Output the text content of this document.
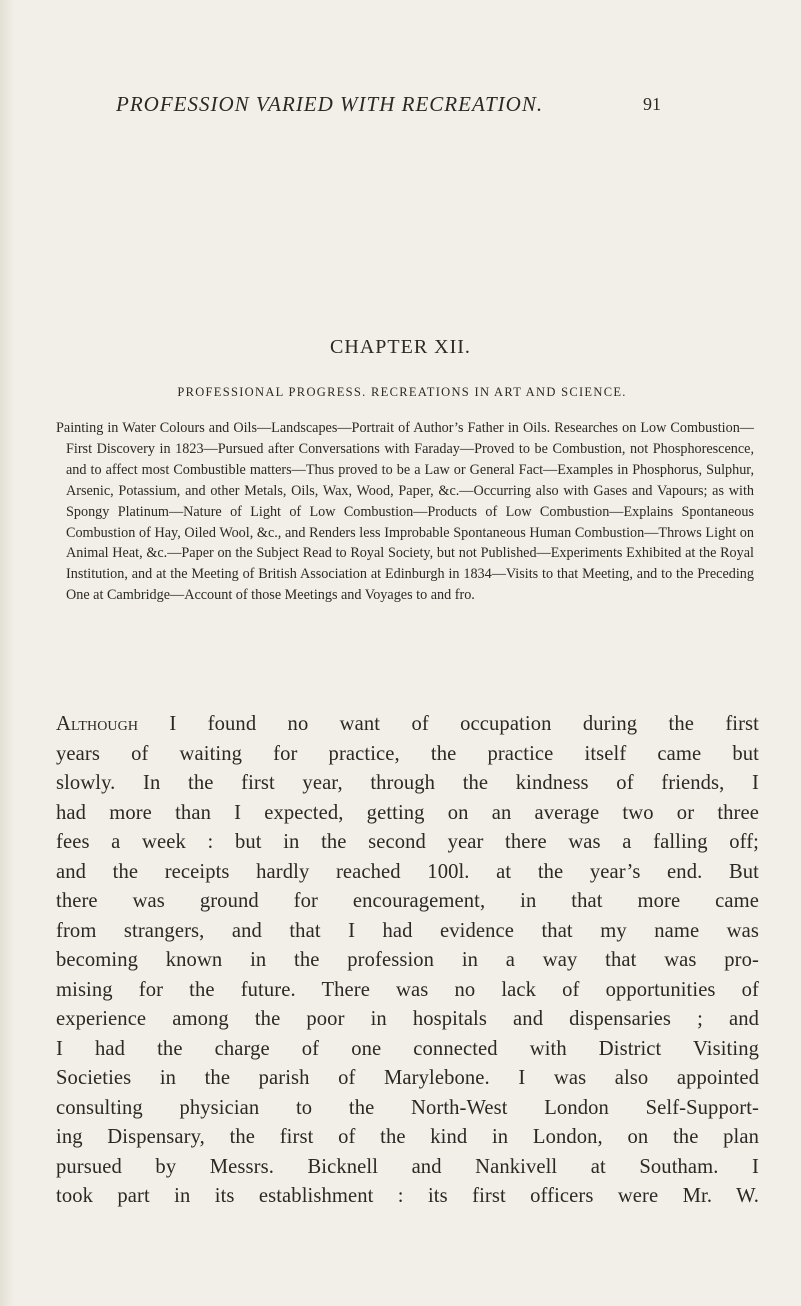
PROFESSION VARIED WITH RECREATION.	91
CHAPTER XII.
PROFESSIONAL PROGRESS. RECREATIONS IN ART AND SCIENCE.
Painting in Water Colours and Oils—Landscapes—Portrait of Author’s Father in Oils. Researches on Low Combustion—First Discovery in 1823—Pursued after Conversations with Faraday—Proved to be Combustion, not Phosphorescence, and to affect most Combustible matters—Thus proved to be a Law or General Fact—Examples in Phosphorus, Sulphur, Arsenic, Potassium, and other Metals, Oils, Wax, Wood, Paper, &c.—Occurring also with Gases and Vapours; as with Spongy Platinum—Nature of Light of Low Combustion—Products of Low Combustion—Explains Spontaneous Combustion of Hay, Oiled Wool, &c., and Renders less Improbable Spontaneous Human Combustion—Throws Light on Animal Heat, &c.—Paper on the Subject Read to Royal Society, but not Published—Experiments Exhibited at the Royal Institution, and at the Meeting of British Association at Edinburgh in 1834—Visits to that Meeting, and to the Preceding One at Cambridge—Account of those Meetings and Voyages to and fro.
Although I found no want of occupation during the first
years of waiting for practice, the practice itself came but
slowly. In the first year, through the kindness of friends, I
had more than I expected, getting on an average two or three
fees a week : but in the second year there was a falling off;
and the receipts hardly reached 100l. at the year’s end. But
there was ground for encouragement, in that more came
from strangers, and that I had evidence that my name was
becoming known in the profession in a way that was pro-
mising for the future. There was no lack of opportunities of
experience among the poor in hospitals and dispensaries ; and
I had the charge of one connected with District Visiting
Societies in the parish of Marylebone. I was also appointed
consulting physician to the North-West London Self-Support-
ing Dispensary, the first of the kind in London, on the plan
pursued by Messrs. Bicknell and Nankivell at Southam. I
took part in its establishment : its first officers were Mr. W.
